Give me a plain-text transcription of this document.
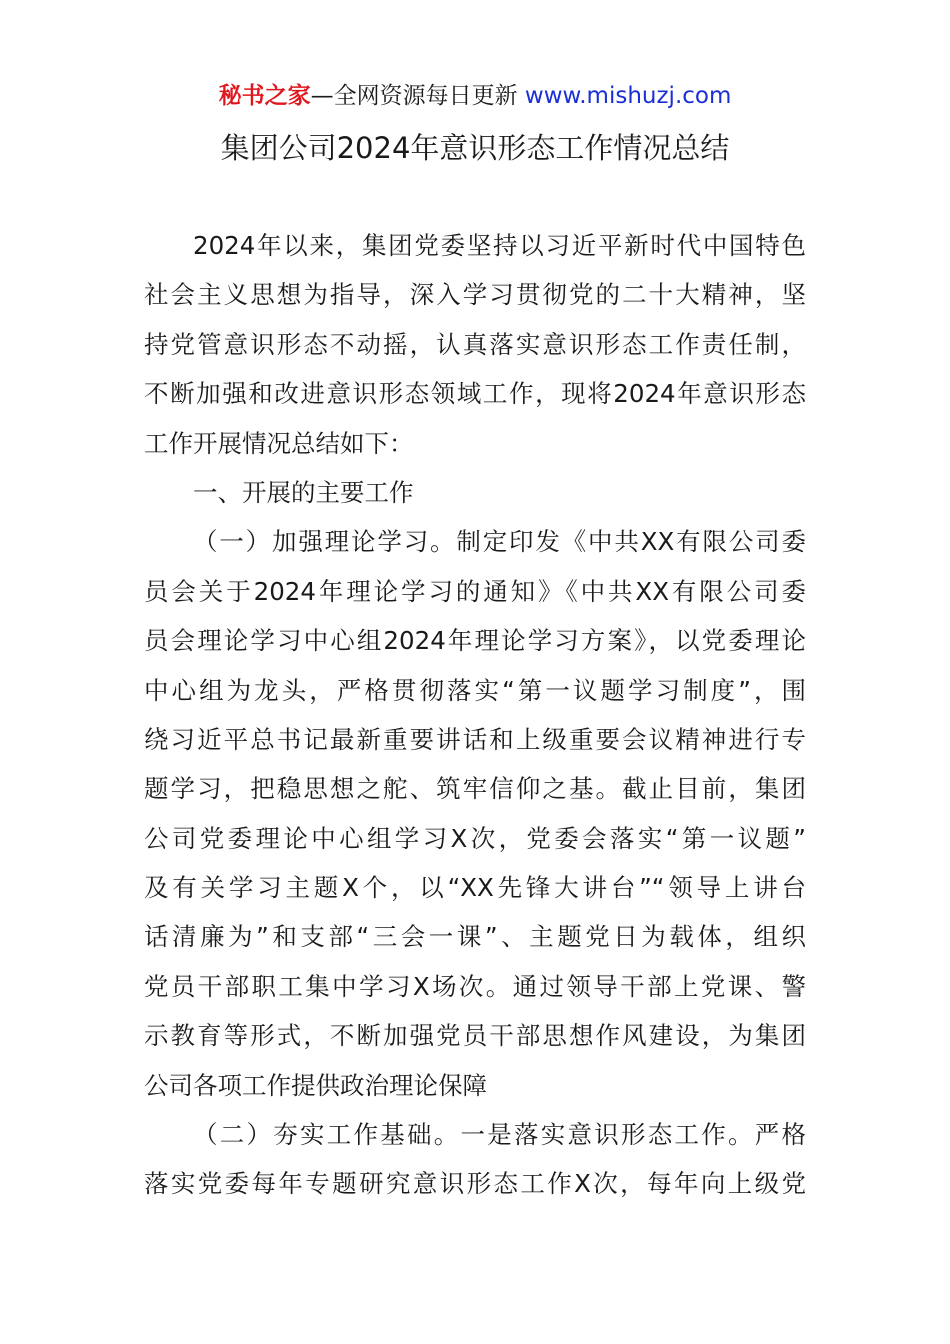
秘书之家—全网资源每日更新 www.mishuzj.com
集团公司2024年意识形态工作情况总结
2024年以来，集团党委坚持以习近平新时代中国特色
社会主义思想为指导，深入学习贯彻党的二十大精神，坚
持党管意识形态不动摇，认真落实意识形态工作责任制，
不断加强和改进意识形态领域工作，现将2024年意识形态
工作开展情况总结如下：
一、开展的主要工作
（一）加强理论学习。制定印发《中共XX有限公司委
员会关于2024年理论学习的通知》《中共XX有限公司委
员会理论学习中心组2024年理论学习方案》，以党委理论
中心组为龙头，严格贯彻落实“第一议题学习制度”，围
绕习近平总书记最新重要讲话和上级重要会议精神进行专
题学习，把稳思想之舵、筑牢信仰之基。截止目前，集团
公司党委理论中心组学习X次，党委会落实“第一议题”
及有关学习主题X个，以“XX先锋大讲台”“领导上讲台
话清廉为”和支部“三会一课”、主题党日为载体，组织
党员干部职工集中学习X场次。通过领导干部上党课、警
示教育等形式，不断加强党员干部思想作风建设，为集团
公司各项工作提供政治理论保障
（二）夯实工作基础。一是落实意识形态工作。严格
落实党委每年专题研究意识形态工作X次，每年向上级党
